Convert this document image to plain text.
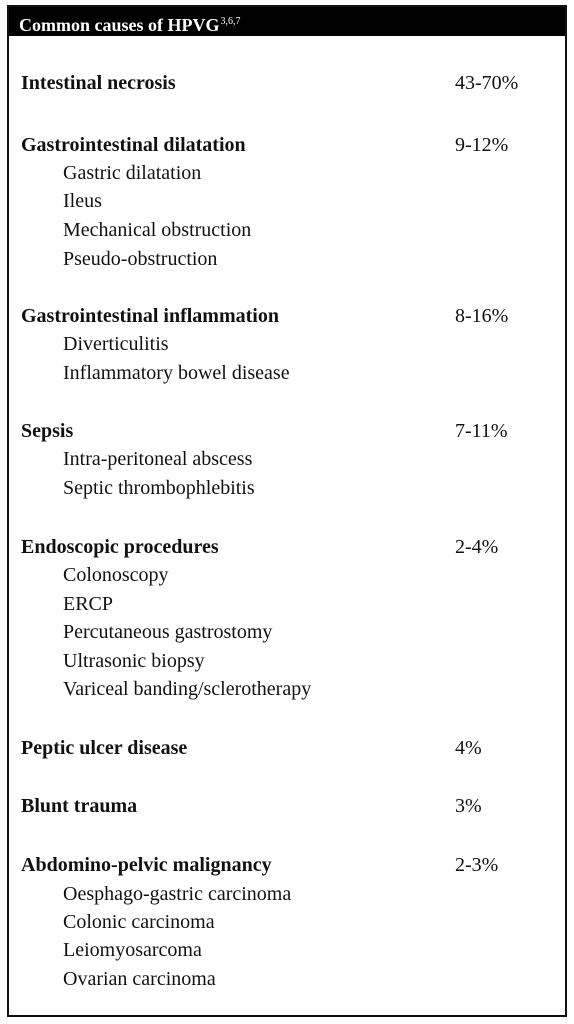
Common causes of HPVG$^{3,6,7}$
Intestinal necrosis	43-70%
Gastrointestinal dilatation	9-12%
Gastric dilatation
Ileus
Mechanical obstruction
Pseudo-obstruction
Gastrointestinal inflammation	8-16%
Diverticulitis
Inflammatory bowel disease
Sepsis	7-11%
Intra-peritoneal abscess
Septic thrombophlebitis
Endoscopic procedures	2-4%
Colonoscopy
ERCP
Percutaneous gastrostomy
Ultrasonic biopsy
Variceal banding/sclerotherapy
Peptic ulcer disease	4%
Blunt trauma	3%
Abdomino-pelvic malignancy	2-3%
Oesphago-gastric carcinoma
Colonic carcinoma
Leiomyosarcoma
Ovarian carcinoma
